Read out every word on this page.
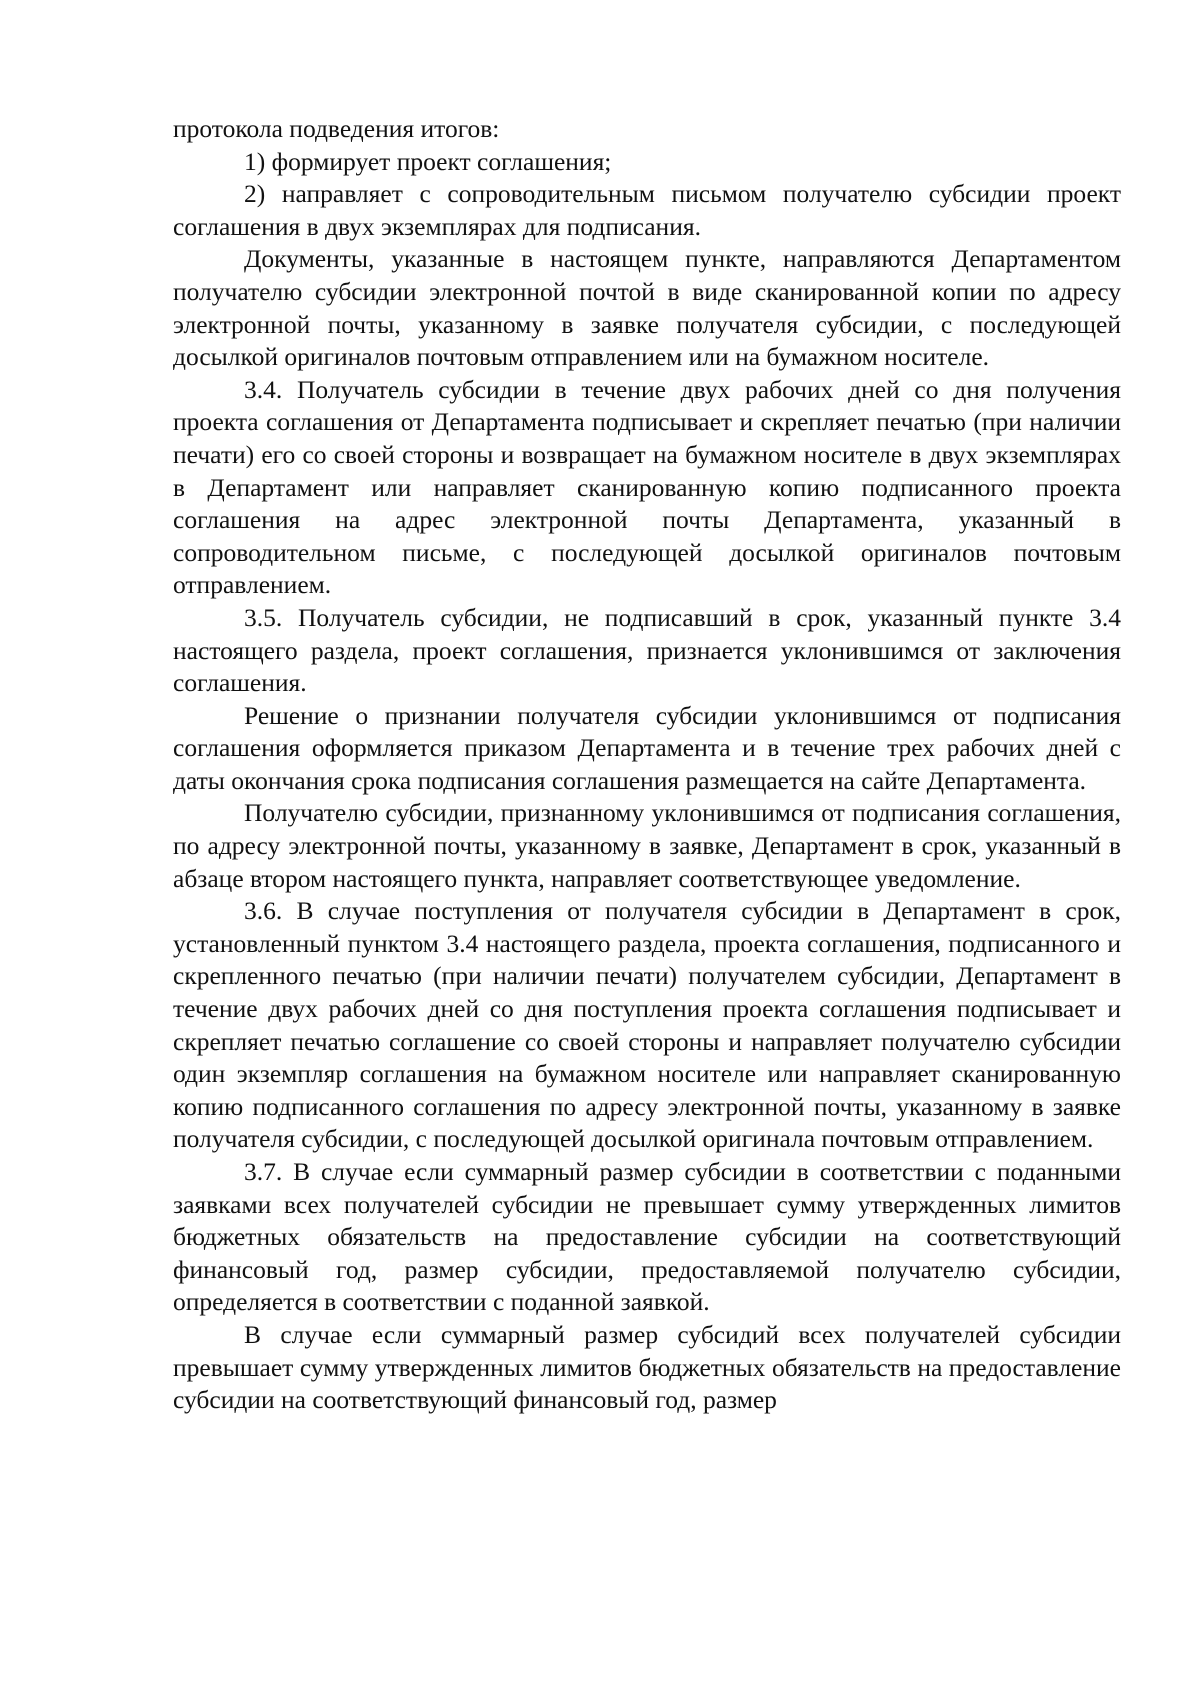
протокола подведения итогов:

1) формирует проект соглашения;

2) направляет с сопроводительным письмом получателю субсидии проект соглашения в двух экземплярах для подписания.

Документы, указанные в настоящем пункте, направляются Департаментом получателю субсидии электронной почтой в виде сканированной копии по адресу электронной почты, указанному в заявке получателя субсидии, с последующей досылкой оригиналов почтовым отправлением или на бумажном носителе.

3.4. Получатель субсидии в течение двух рабочих дней со дня получения проекта соглашения от Департамента подписывает и скрепляет печатью (при наличии печати) его со своей стороны и возвращает на бумажном носителе в двух экземплярах в Департамент или направляет сканированную копию подписанного проекта соглашения на адрес электронной почты Департамента, указанный в сопроводительном письме, с последующей досылкой оригиналов почтовым отправлением.

3.5. Получатель субсидии, не подписавший в срок, указанный пункте 3.4 настоящего раздела, проект соглашения, признается уклонившимся от заключения соглашения.

Решение о признании получателя субсидии уклонившимся от подписания соглашения оформляется приказом Департамента и в течение трех рабочих дней с даты окончания срока подписания соглашения размещается на сайте Департамента.

Получателю субсидии, признанному уклонившимся от подписания соглашения, по адресу электронной почты, указанному в заявке, Департамент в срок, указанный в абзаце втором настоящего пункта, направляет соответствующее уведомление.

3.6. В случае поступления от получателя субсидии в Департамент в срок, установленный пунктом 3.4 настоящего раздела, проекта соглашения, подписанного и скрепленного печатью (при наличии печати) получателем субсидии, Департамент в течение двух рабочих дней со дня поступления проекта соглашения подписывает и скрепляет печатью соглашение со своей стороны и направляет получателю субсидии один экземпляр соглашения на бумажном носителе или направляет сканированную копию подписанного соглашения по адресу электронной почты, указанному в заявке получателя субсидии, с последующей досылкой оригинала почтовым отправлением.

3.7. В случае если суммарный размер субсидии в соответствии с поданными заявками всех получателей субсидии не превышает сумму утвержденных лимитов бюджетных обязательств на предоставление субсидии на соответствующий финансовый год, размер субсидии, предоставляемой получателю субсидии, определяется в соответствии с поданной заявкой.

В случае если суммарный размер субсидий всех получателей субсидии превышает сумму утвержденных лимитов бюджетных обязательств на предоставление субсидии на соответствующий финансовый год, размер
